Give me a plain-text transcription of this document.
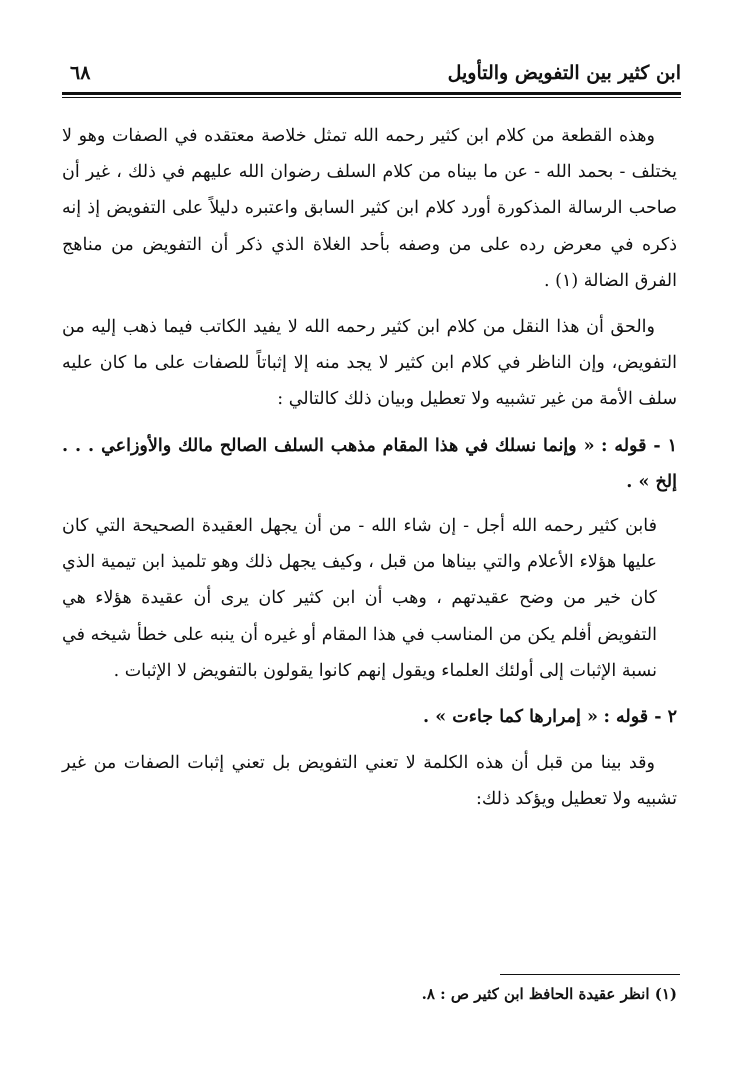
ابن كثير بين التفويض والتأويل
٦٨

وهذه القطعة من كلام ابن كثير رحمه الله تمثل خلاصة معتقده في الصفات وهو لا يختلف - بحمد الله - عن ما بيناه من كلام السلف رضوان الله عليهم في ذلك ، غير أن صاحب الرسالة المذكورة أورد كلام ابن كثير السابق واعتبره دليلاً على التفويض إذ إنه ذكره في معرض رده على من وصفه بأحد الغلاة الذي ذكر أن التفويض من مناهج الفرق الضالة (١) .

والحق أن هذا النقل من كلام ابن كثير رحمه الله لا يفيد الكاتب فيما ذهب إليه من التفويض، وإن الناظر في كلام ابن كثير لا يجد منه إلا إثباتاً للصفات على ما كان عليه سلف الأمة من غير تشبيه ولا تعطيل وبيان ذلك كالتالي :

١ - قوله : « وإنما نسلك في هذا المقام مذهب السلف الصالح مالك والأوزاعي . . . إلخ » .

فابن كثير رحمه الله أجل - إن شاء الله - من أن يجهل العقيدة الصحيحة التي كان عليها هؤلاء الأعلام والتي بيناها من قبل ، وكيف يجهل ذلك وهو تلميذ ابن تيمية الذي كان خير من وضح عقيدتهم ، وهب أن ابن كثير كان يرى أن عقيدة هؤلاء هي التفويض أفلم يكن من المناسب في هذا المقام أو غيره أن ينبه على خطأ شيخه في نسبة الإثبات إلى أولئك العلماء ويقول إنهم كانوا يقولون بالتفويض لا الإثبات .

٢ - قوله : « إمرارها كما جاءت » .

وقد بينا من قبل أن هذه الكلمة لا تعني التفويض بل تعني إثبات الصفات من غير تشبيه ولا تعطيل ويؤكد ذلك:

(١) انظر عقيدة الحافظ ابن كثير ص : ٨.
